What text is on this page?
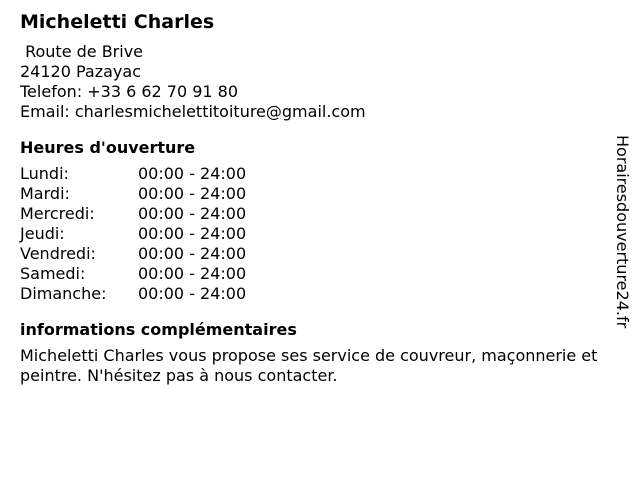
Micheletti Charles
Route de Brive
24120 Pazayac
Telefon: +33 6 62 70 91 80
Email: charlesmichelettitoiture@gmail.com
Heures d'ouverture
Lundi:	00:00 - 24:00
Mardi:	00:00 - 24:00
Mercredi:	00:00 - 24:00
Jeudi:	00:00 - 24:00
Vendredi:	00:00 - 24:00
Samedi:	00:00 - 24:00
Dimanche:	00:00 - 24:00
informations complémentaires
Micheletti Charles vous propose ses service de couvreur, maçonnerie et peintre. N'hésitez pas à nous contacter.
Horairesdouverture24.fr
